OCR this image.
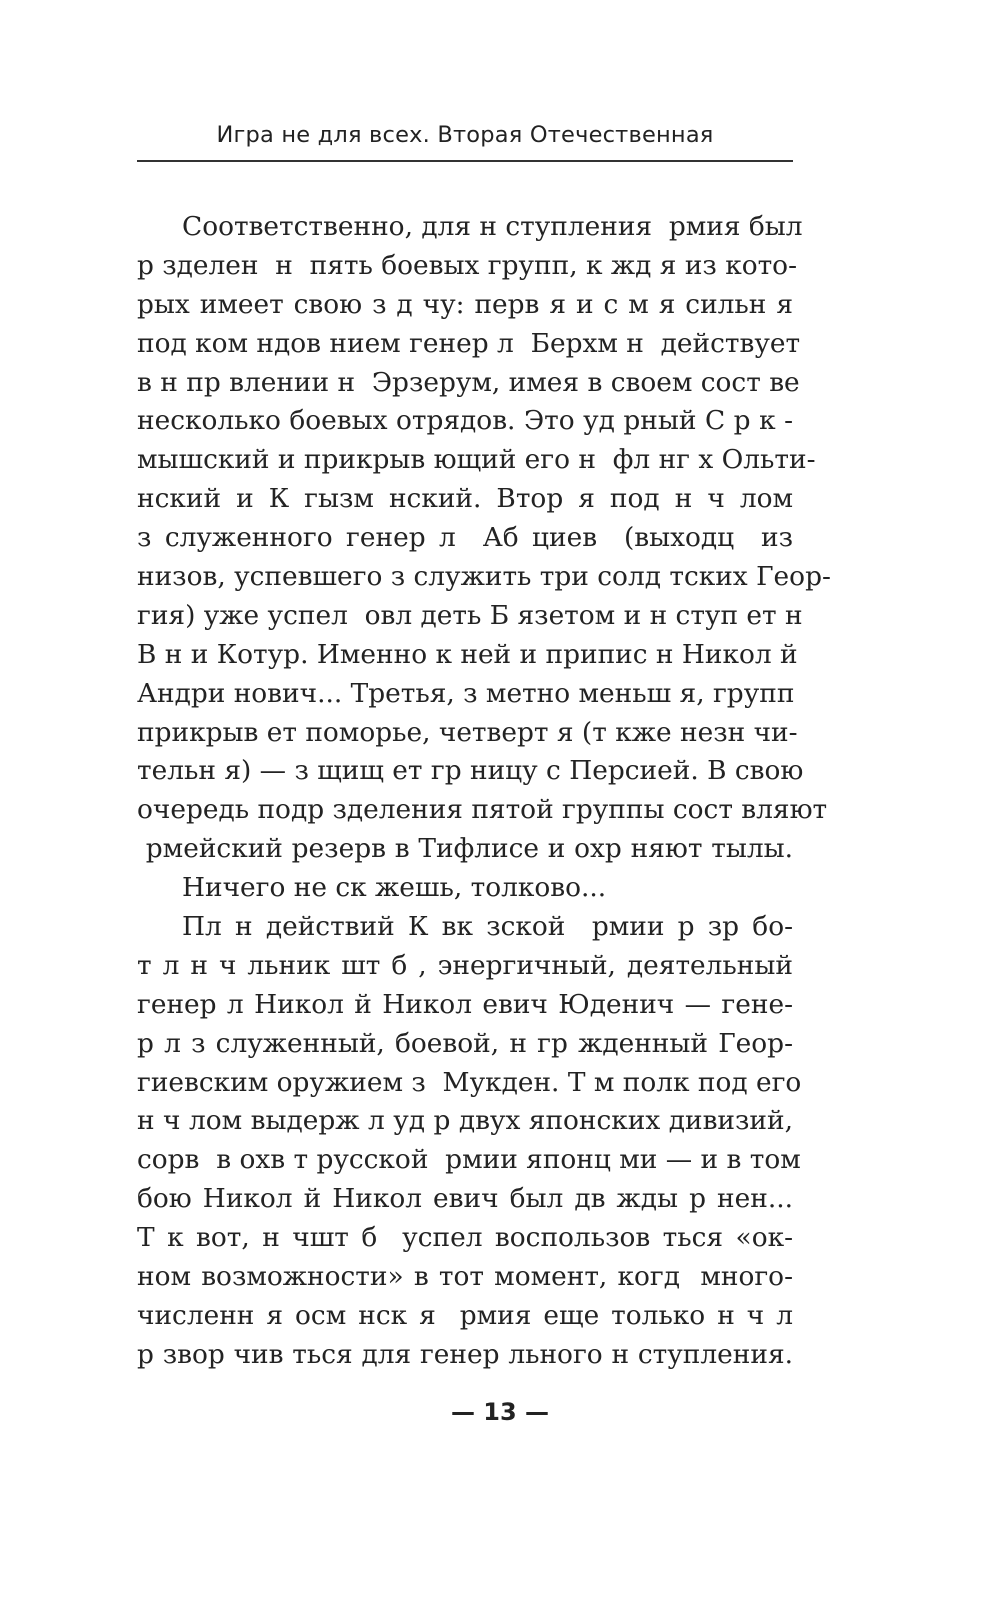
Игра не для всех. Вторая Отечественная
Соответственно, для н ступления  рмия был
р зделен  н  пять боевых групп, к жд я из кото-
рых имеет свою з д чу: перв я и с м я сильн я
под ком ндов нием генер л  Берхм н  действует
в н пр влении н  Эрзерум, имея в своем сост ве
несколько боевых отрядов. Это уд рный С р к -
мышский и прикрыв ющий его н  фл нг х Ольти-
нский и К гызм нский. Втор я под н ч лом
з служенного генер л  Аб циев  (выходц  из
низов, успевшего з служить три солд тских Геор-
гия) уже успел  овл деть Б язетом и н ступ ет н
В н и Котур. Именно к ней и припис н Никол й
Андри нович... Третья, з метно меньш я, групп
прикрыв ет поморье, четверт я (т кже незн чи-
тельн я) — з щищ ет гр ницу с Персией. В свою
очередь подр зделения пятой группы сост вляют
рмейский резерв в Тифлисе и охр няют тылы.
Ничего не ск жешь, толково...
Пл н действий К вк зской  рмии р зр бо-
т л н ч льник шт б , энергичный, деятельный
генер л Никол й Никол евич Юденич — гене-
р л з служенный, боевой, н гр жденный Геор-
гиевским оружием з  Мукден. Т м полк под его
н ч лом выдерж л уд р двух японских дивизий,
сорв  в охв т русской  рмии японц ми — и в том
бою Никол й Никол евич был дв жды р нен...
Т к вот, н чшт б  успел воспользов ться «ок-
ном возможности» в тот момент, когд  много-
численн я осм нск я  рмия еще только н ч л
р звор чив ться для генер льного н ступления.
— 13 —
